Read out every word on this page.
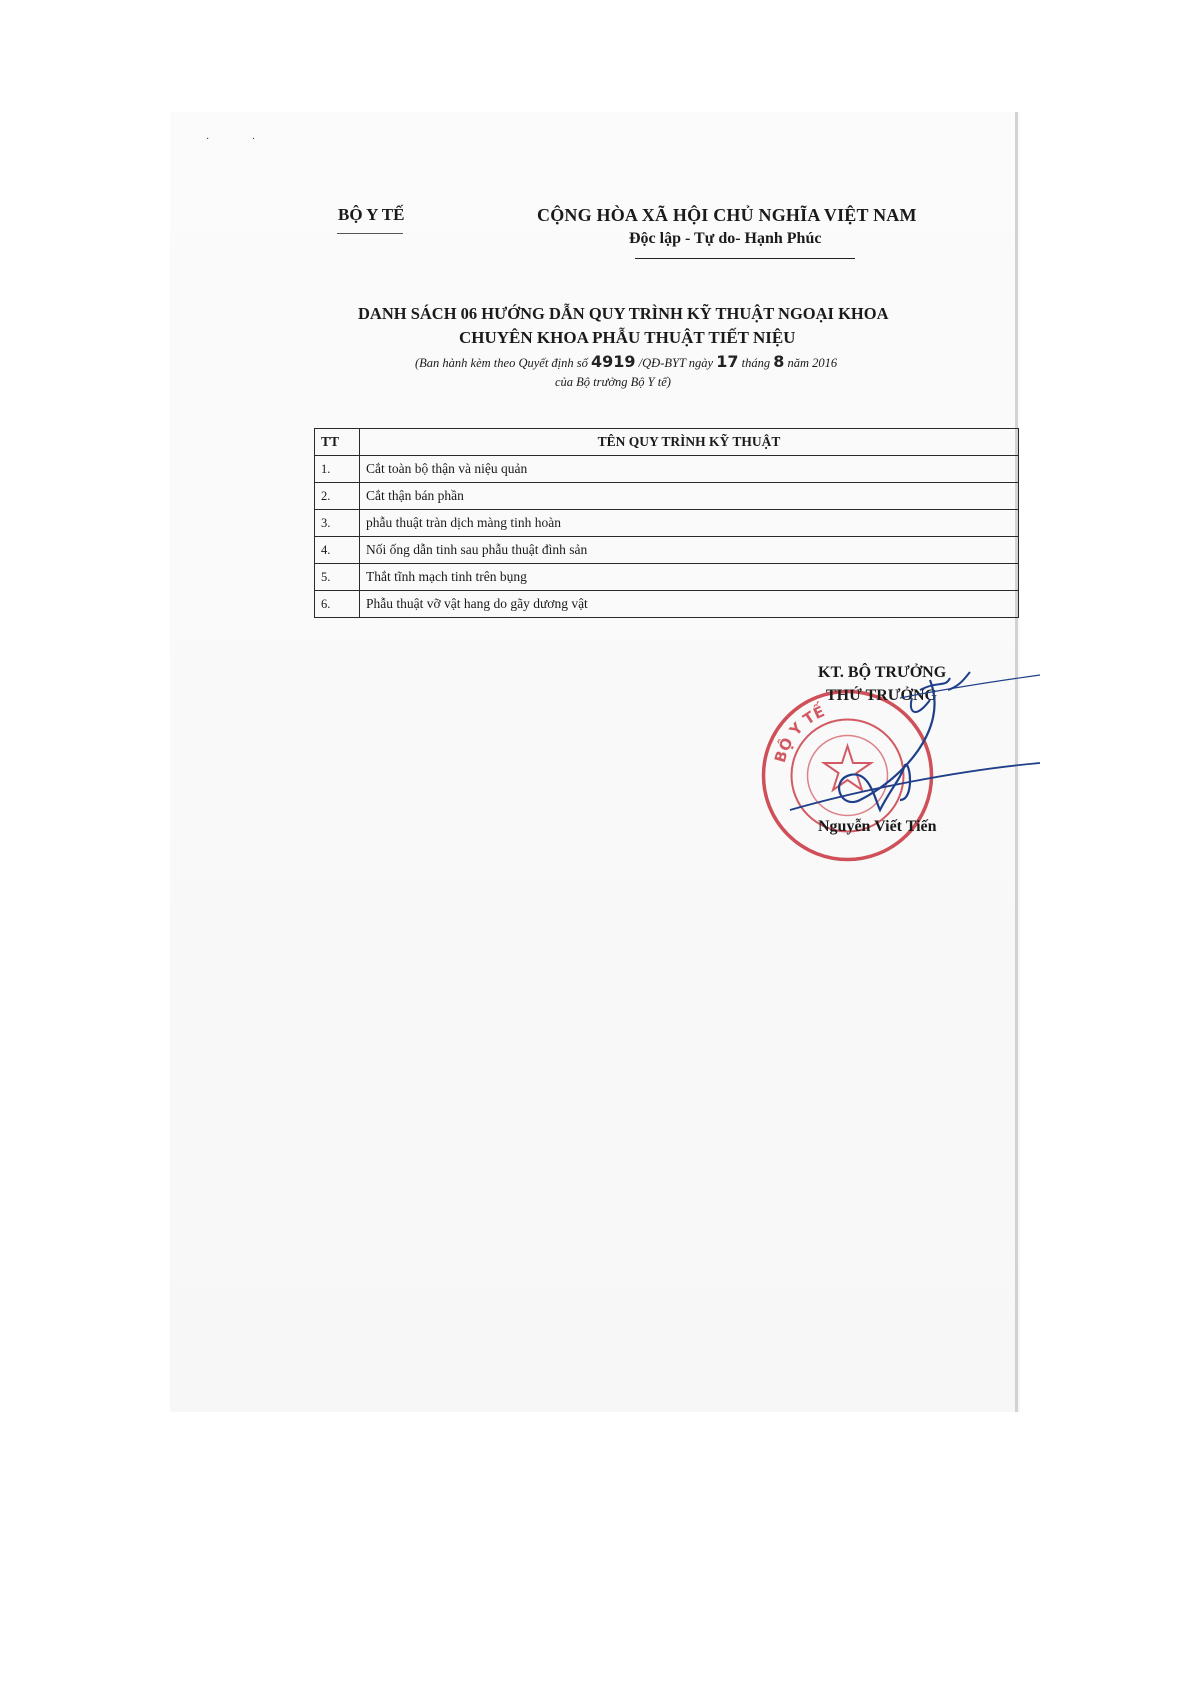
· ·
BỘ Y TẾ	CỘNG HÒA XÃ HỘI CHỦ NGHĨA VIỆT NAM
Độc lập - Tự do- Hạnh Phúc
DANH SÁCH 06 HƯỚNG DẪN QUY TRÌNH KỸ THUẬT NGOẠI KHOA
CHUYÊN KHOA PHẪU THUẬT TIẾT NIỆU
(Ban hành kèm theo Quyết định số 4919 /QĐ-BYT ngày 17 tháng 8 năm 2016
của Bộ trưởng Bộ Y tế)
TT	TÊN QUY TRÌNH KỸ THUẬT
1.	Cắt toàn bộ thận và niệu quản
2.	Cắt thận bán phần
3.	phẫu thuật tràn dịch màng tinh hoàn
4.	Nối ống dẫn tinh sau phẫu thuật đình sản
5.	Thắt tĩnh mạch tinh trên bụng
6.	Phẫu thuật vỡ vật hang do gãy dương vật
BỘ Y TẾ
KT. BỘ TRƯỞNG
THỨ TRƯỞNG
Nguyễn Viết Tiến
